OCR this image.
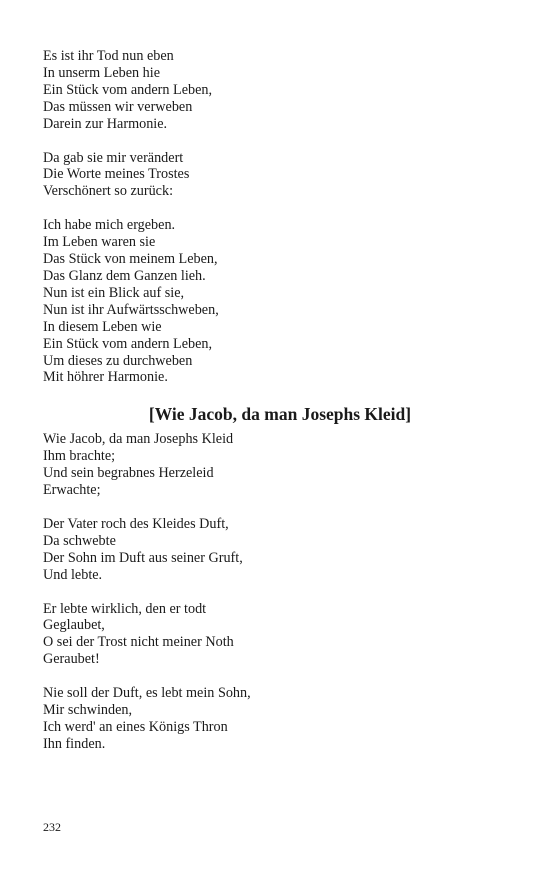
Es ist ihr Tod nun eben
In unserm Leben hie
Ein Stück vom andern Leben,
Das müssen wir verweben
Darein zur Harmonie.
Da gab sie mir verändert
Die Worte meines Trostes
Verschönert so zurück:
Ich habe mich ergeben.
Im Leben waren sie
Das Stück von meinem Leben,
Das Glanz dem Ganzen lieh.
Nun ist ein Blick auf sie,
Nun ist ihr Aufwärtsschweben,
In diesem Leben wie
Ein Stück vom andern Leben,
Um dieses zu durchweben
Mit höhrer Harmonie.
[Wie Jacob, da man Josephs Kleid]
Wie Jacob, da man Josephs Kleid
Ihm brachte;
Und sein begrabnes Herzeleid
Erwachte;
Der Vater roch des Kleides Duft,
Da schwebte
Der Sohn im Duft aus seiner Gruft,
Und lebte.
Er lebte wirklich, den er todt
Geglaubet,
O sei der Trost nicht meiner Noth
Geraubet!
Nie soll der Duft, es lebt mein Sohn,
Mir schwinden,
Ich werd' an eines Königs Thron
Ihn finden.
232
